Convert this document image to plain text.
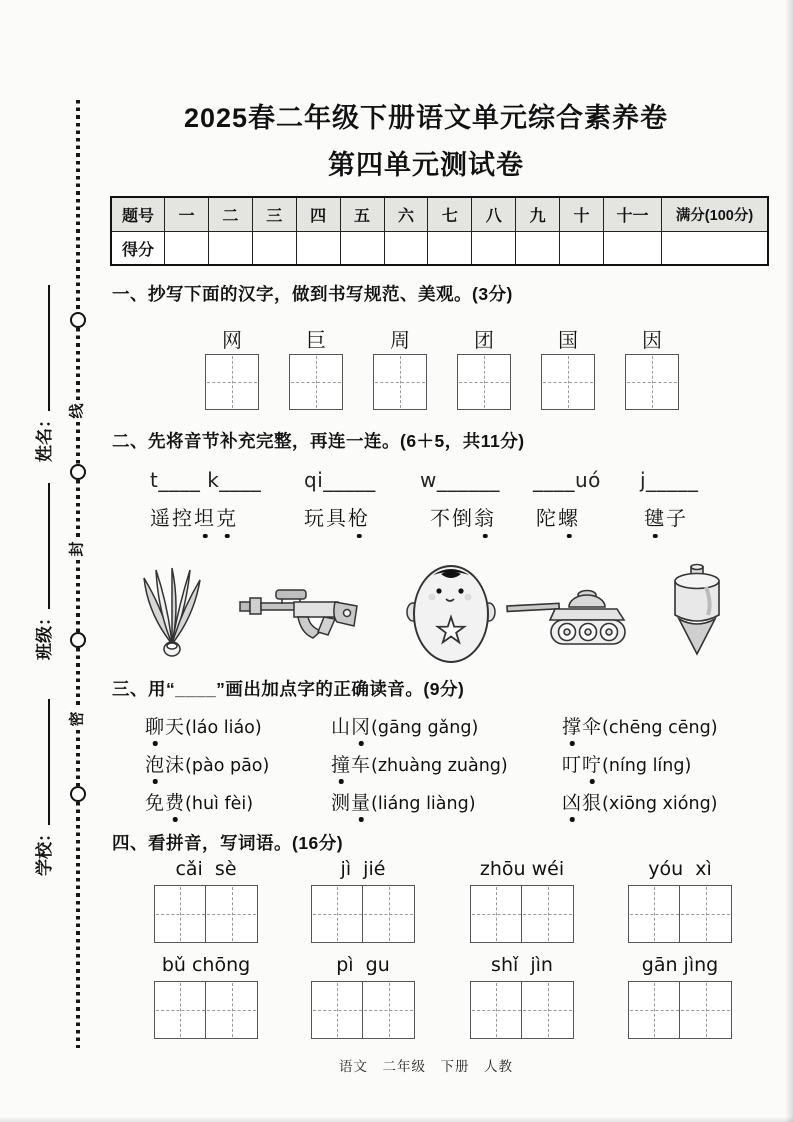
姓名：
班级：
学校：
线
封
密
2025春二年级下册语文单元综合素养卷
第四单元测试卷
题号	一	二	三	四	五	六	七	八	九	十	十一	满分(100分)
得分
一、抄写下面的汉字，做到书写规范、美观。(3分)
网	巨	周	团	国	因
二、先将音节补充完整，再连一连。(6＋5，共11分)
t____ k____ qi_____ w______ ____uó j_____
遥控坦克	玩具枪	不倒翁 陀螺	毽子
三、用“____”画出加点字的正确读音。(9分)
聊天(láo liáo)	山冈(gāng gǎng)	撑伞(chēng cēng)
泡沫(pào pāo)	撞车(zhuàng zuàng)	叮咛(níng líng)
免费(huì fèi)	测量(liáng liàng)	凶狠(xiōng xióng)
四、看拼音，写词语。(16分)
cǎi  sè	jì  jié	zhōu wéi	yóu  xì
bǔ chōng	pì  gu	shǐ  jìn	gān jìng
语文　二年级　下册　人教
